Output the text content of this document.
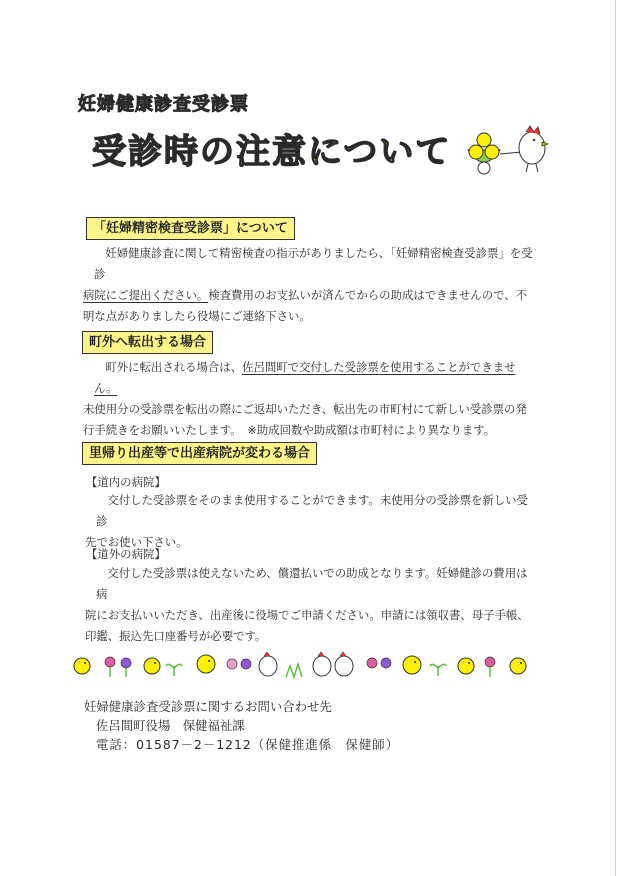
妊婦健康診査受診票
受診時の注意について
「妊婦精密検査受診票」について
妊婦健康診査に関して精密検査の指示がありましたら、「妊婦精密検査受診票」を受診
病院にご提出ください。検査費用のお支払いが済んでからの助成はできませんので、不
明な点がありましたら役場にご連絡下さい。
町外へ転出する場合
町外に転出される場合は、佐呂間町で交付した受診票を使用することができません。
未使用分の受診票を転出の際にご返却いただき、転出先の市町村にて新しい受診票の発
行手続きをお願いいたします。　※助成回数や助成額は市町村により異なります。
里帰り出産等で出産病院が変わる場合
【道内の病院】
交付した受診票をそのまま使用することができます。未使用分の受診票を新しい受診
先でお使い下さい。
【道外の病院】
交付した受診票は使えないため、償還払いでの助成となります。妊婦健診の費用は病
院にお支払いいただき、出産後に役場でご申請ください。申請には領収書、母子手帳、
印鑑、振込先口座番号が必要です。
妊婦健康診査受診票に関するお問い合わせ先
佐呂間町役場　保健福祉課
電話：01587－2－1212（保健推進係　保健師）
